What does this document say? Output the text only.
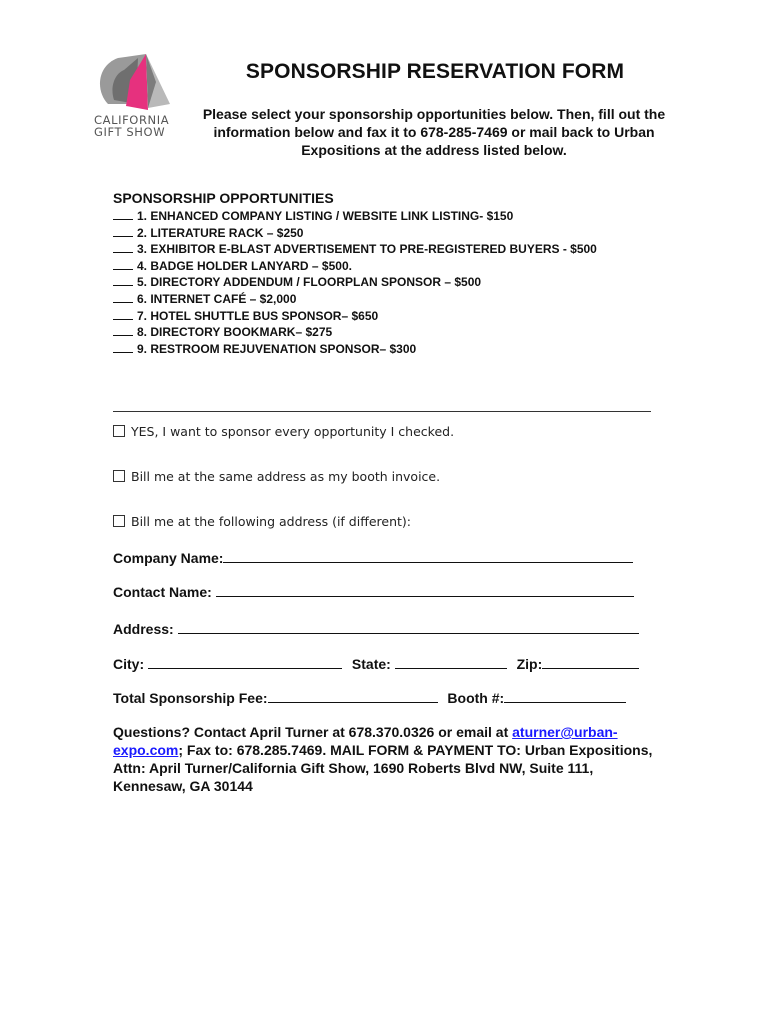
CALIFORNIA
GIFT SHOW
SPONSORSHIP RESERVATION FORM
Please select your sponsorship opportunities below. Then, fill out the information below and fax it to 678-285-7469 or mail back to Urban Expositions at the address listed below.
SPONSORSHIP OPPORTUNITIES
1. ENHANCED COMPANY LISTING / WEBSITE LINK LISTING- $150
2. LITERATURE RACK – $250
3. EXHIBITOR E-BLAST ADVERTISEMENT TO PRE-REGISTERED BUYERS - $500
4. BADGE HOLDER LANYARD – $500.
5. DIRECTORY ADDENDUM / FLOORPLAN SPONSOR – $500
6. INTERNET CAFÉ – $2,000
7. HOTEL SHUTTLE BUS SPONSOR– $650
8. DIRECTORY BOOKMARK– $275
9. RESTROOM REJUVENATION SPONSOR– $300
YES, I want to sponsor every opportunity I checked.
Bill me at the same address as my booth invoice.
Bill me at the following address (if different):
Company Name:
Contact Name:
Address:
City:	State:	Zip:
Total Sponsorship Fee:	Booth #:
Questions? Contact April Turner at 678.370.0326 or email at aturner@urban-expo.com; Fax to: 678.285.7469. MAIL FORM & PAYMENT TO: Urban Expositions, Attn: April Turner/California Gift Show, 1690 Roberts Blvd NW, Suite 111, Kennesaw, GA 30144
